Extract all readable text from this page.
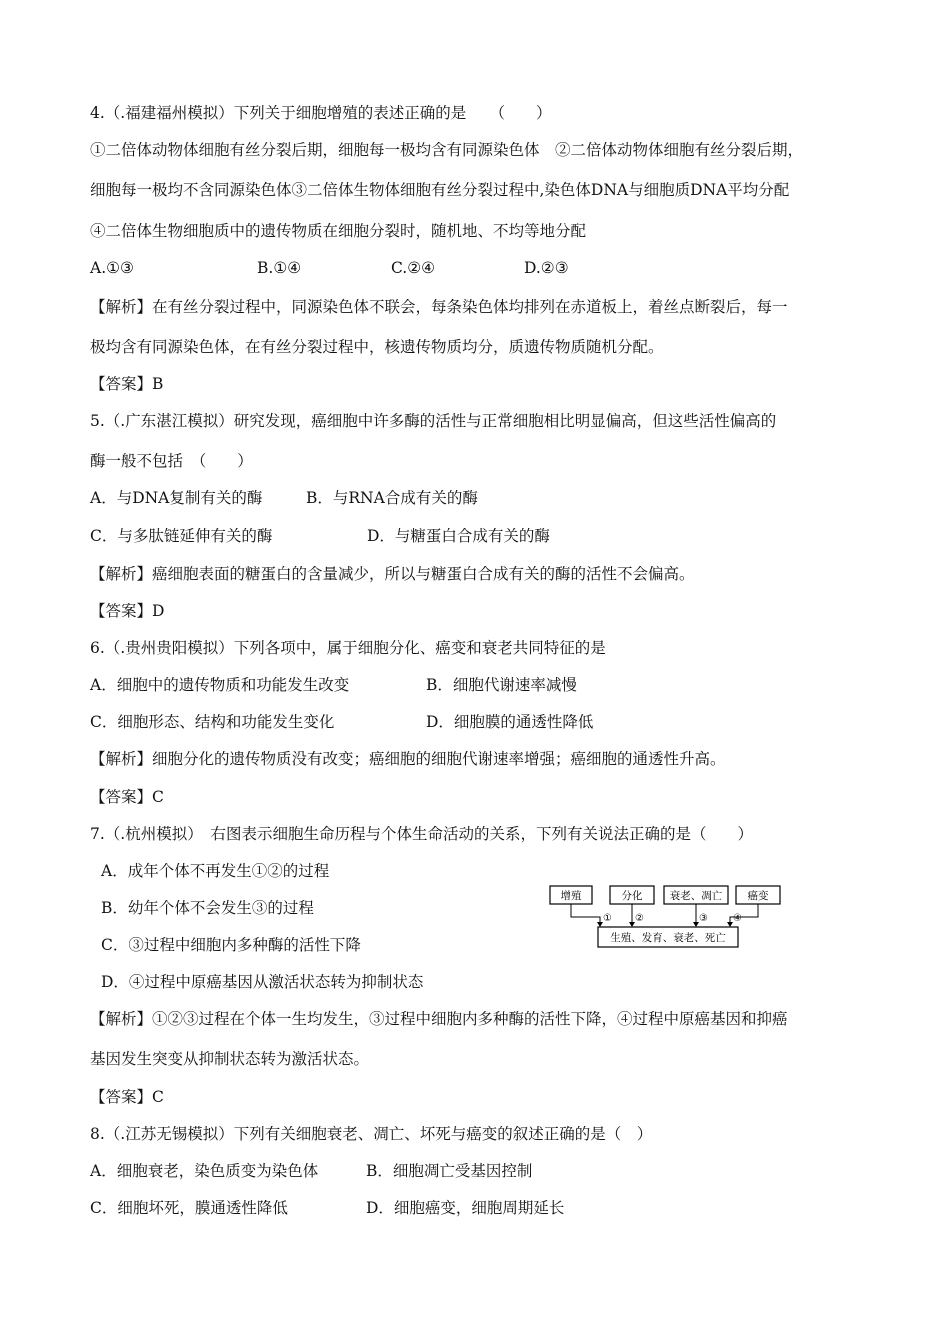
4.（.福建福州模拟）下列关于细胞增殖的表述正确的是　　（　　）
①二倍体动物体细胞有丝分裂后期，细胞每一极均含有同源染色体　②二倍体动物体细胞有丝分裂后期，
细胞每一极均不含同源染色体③二倍体生物体细胞有丝分裂过程中,染色体DNA与细胞质DNA平均分配
④二倍体生物细胞质中的遗传物质在细胞分裂时，随机地、不均等地分配
A.①③	B.①④	C.②④	D.②③
【解析】在有丝分裂过程中，同源染色体不联会，每条染色体均排列在赤道板上，着丝点断裂后，每一
极均含有同源染色体，在有丝分裂过程中，核遗传物质均分，质遗传物质随机分配。
【答案】B
5.（.广东湛江模拟）研究发现，癌细胞中许多酶的活性与正常细胞相比明显偏高，但这些活性偏高的
酶一般不包括　（　　）
A．与DNA复制有关的酶	B．与RNA合成有关的酶
C．与多肽链延伸有关的酶	D．与糖蛋白合成有关的酶
【解析】癌细胞表面的糖蛋白的含量减少，所以与糖蛋白合成有关的酶的活性不会偏高。
【答案】D
6.（.贵州贵阳模拟）下列各项中，属于细胞分化、癌变和衰老共同特征的是
A．细胞中的遗传物质和功能发生改变	B．细胞代谢速率减慢
C．细胞形态、结构和功能发生变化	D．细胞膜的通透性降低
【解析】细胞分化的遗传物质没有改变；癌细胞的细胞代谢速率增强；癌细胞的通透性升高。
【答案】C
7.（.杭州模拟）　右图表示细胞生命历程与个体生命活动的关系，下列有关说法正确的是（　　）
A．成年个体不再发生①②的过程
B．幼年个体不会发生③的过程
C．③过程中细胞内多种酶的活性下降
D．④过程中原癌基因从激活状态转为抑制状态
增殖	分化	衰老、凋亡 癌变
① ②	③	④
生殖、发育、衰老、死亡
【解析】①②③过程在个体一生均发生，③过程中细胞内多种酶的活性下降，④过程中原癌基因和抑癌
基因发生突变从抑制状态转为激活状态。
【答案】C
8.（.江苏无锡模拟）下列有关细胞衰老、凋亡、坏死与癌变的叙述正确的是（　）
A．细胞衰老，染色质变为染色体	B．细胞凋亡受基因控制
C．细胞坏死，膜通透性降低	D．细胞癌变，细胞周期延长
